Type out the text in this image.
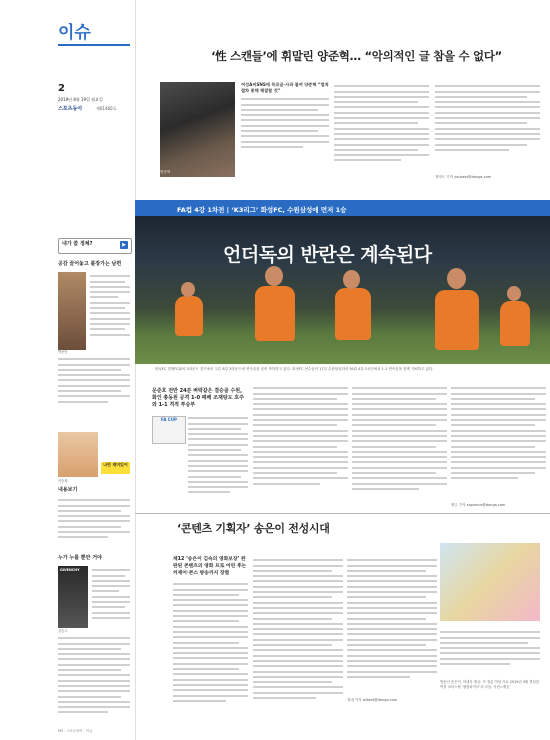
이슈
2
2019년 8월 19일 월요일
스포츠동아	제01460호
내가 쓸 정체?	▶
공감 끌어놓고 불장가는 남편
박준민
이승희
나만 재미있어
내용보기
누가 누를 뿐만 거야
GIVENCHY
김승주
M3 · 스포츠동아 · 이슈
‘性 스캔들’에 휘말린 양준혁… “악의적인 글 참을 수 없다”
양준혁
여성A씨SNS에 목로글·사과 붙여 양준혁 “법적 절차 통해 해결할 것”
정영도 기자 youbest@donga.com
FA컵 4강 1차전 | ‘K3리그’ 화성FC, 수원삼성에 먼저 1승
언더독의 반란은 계속된다
화성FC 경찰FC와의 3라운드 경기에서 고른 8강 3라운드에 연속골을 넣어 축하하고 있다. 화성FC 선수들이 17일 수원삼성과의 FA컵 4강 1차전에서 1-1 연속골을 함께 기뻐하고 있다.
문준호 전반 24분 벼락같은 결승골 수원, 화인 총동원 공격 1-0 패배 조재탕도 호주와 1-1 격적 투승부
FA CUP
명수 기자 sapience@donga.com
‘콘텐츠 기획자’ 송은이 전성시대
제12 ‘송은이 김숙의 영화보장’ 완판된 콘텐츠의 영화 프로 어린 후는 커제어·콘스 방송까지 장렬
정대 기자 wlbest@donga.com
방송인 송은이. 이대사 제공. 가 정분 여성 가요 2019년 4월 결성한 여성 코러스팀 ‘셀럽파이브’의 모습. 사진=제공
